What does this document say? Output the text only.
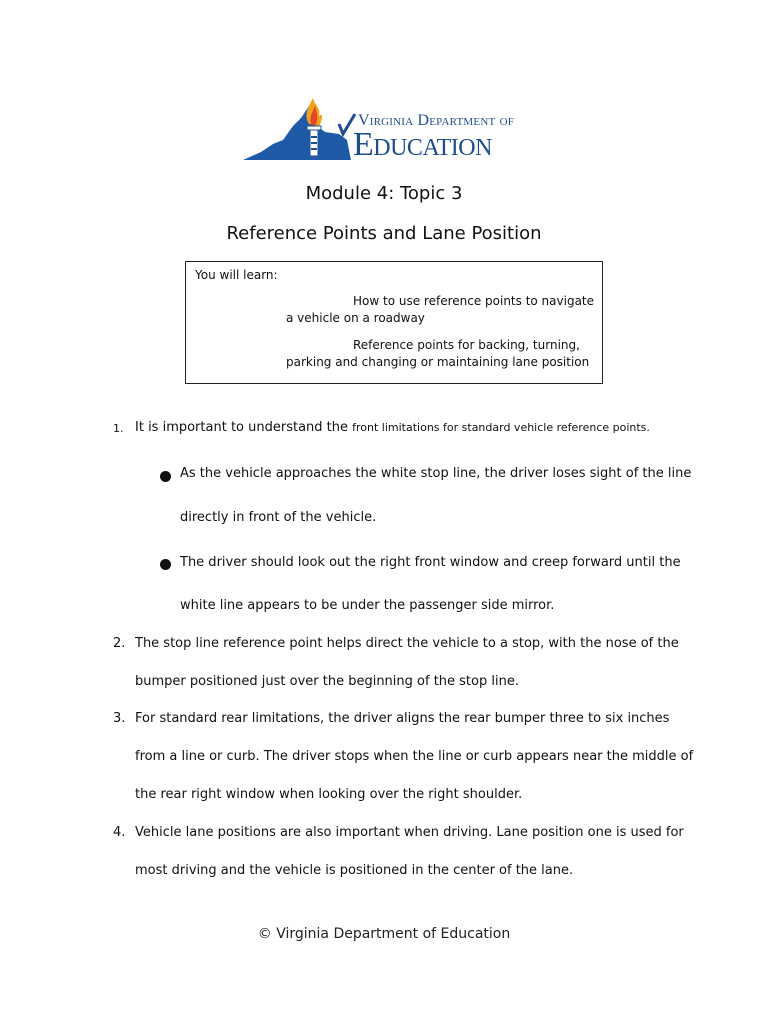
Virginia Department of
Education
Module 4: Topic 3
Reference Points and Lane Position
You will learn:
How to use reference points to navigate a vehicle on a roadway
Reference points for backing, turning, parking and changing or maintaining lane position
1. It is important to understand the front limitations for standard vehicle reference points.
As the vehicle approaches the white stop line, the driver loses sight of the line
directly in front of the vehicle.
The driver should look out the right front window and creep forward until the
white line appears to be under the passenger side mirror.
2. The stop line reference point helps direct the vehicle to a stop, with the nose of the
bumper positioned just over the beginning of the stop line.
3. For standard rear limitations, the driver aligns the rear bumper three to six inches
from a line or curb. The driver stops when the line or curb appears near the middle of
the rear right window when looking over the right shoulder.
4. Vehicle lane positions are also important when driving. Lane position one is used for
most driving and the vehicle is positioned in the center of the lane.
© Virginia Department of Education
